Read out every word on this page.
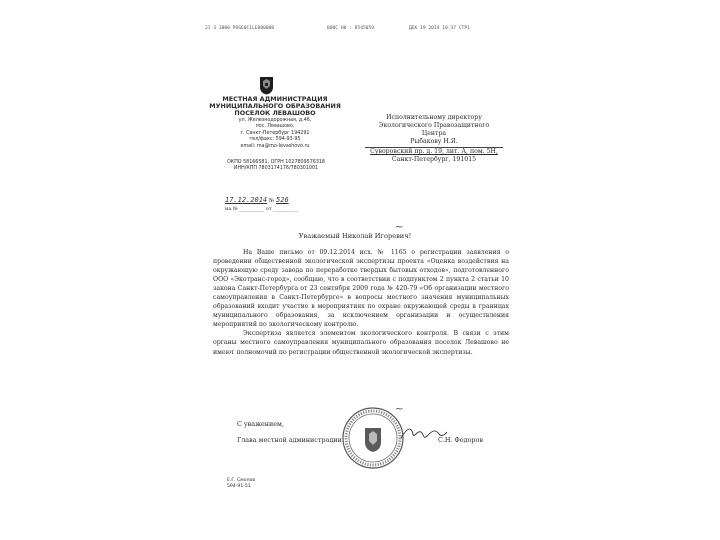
21 3 3000 P0SE0C1LE000000	B00C H0 : 8545059	ДЕК 19 2014 10:37 СТР1
МЕСТНАЯ АДМИНИСТРАЦИЯ
МУНИЦИПАЛЬНОГО ОБРАЗОВАНИЯ
ПОСЕЛОК ЛЕВАШОВО
ул. Железнодорожная, д.46,
пос. Левашово,
г. Санкт-Петербург 194291
тел/факс: 594-93-95
email: ma@mo-levashovo.ru
ОКПО 58166581, ОГРН 1027809576318
ИНН/КПП 7803174176/780301001
17.12.2014 № 526
на № __________ от __________
Исполнительному директору
Экологического Правозащитного
Центра
Рыбакову Н.Я.
Суворовский пр. д. 19, лит. А, пом. 5Н,
Санкт-Петербург, 191015
~
~
Уважаемый Николай Игоревич!

На Ваше письмо от 09.12.2014 исх. № 1165 о регистрации заявления о проведении общественной экологической экспертизы проекта «Оценка воздействия на окружающую среду завода по переработке твердых бытовых отходов», подготовленного ООО «Экотранс-город», сообщаю, что в соответствии с подпунктом 2 пункта 2 статьи 10 закона Санкт-Петербурга от 23 сентября 2009 года № 420-79 «Об организации местного самоуправления в Санкт-Петербурге» в вопросы местного значения муниципальных образований входит участие в мероприятиях по охране окружающей среды в границах муниципального образования, за исключением организации и осуществления мероприятий по экологическому контролю.

Экспертиза является элементом экологического контроля. В связи с этим органы местного самоуправления муниципального образования поселок Левашово не имеют полномочий по регистрации общественной экологической экспертизы.

С уважением,
Глава местной администрации	С.Н. Федоров
Е.Г. Смолов
594-91-51
